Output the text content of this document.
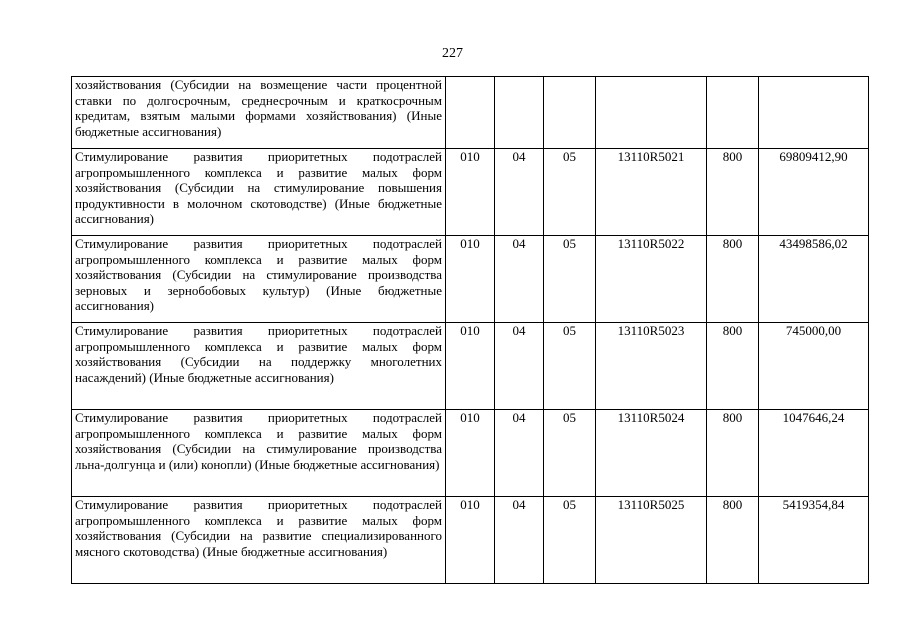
227
хозяйствования (Субсидии на возмещение части процентной ставки по долгосрочным, среднесрочным и краткосрочным кредитам, взятым малыми формами хозяйствования) (Иные бюджетные ассигнования)						
Стимулирование развития приоритетных подотраслей агропромышленного комплекса и развитие малых форм хозяйствования (Субсидии на стимулирование повышения продуктивности в молочном скотоводстве) (Иные бюджетные ассигнования)	010	04	05	13110R5021	800	69809412,90
Стимулирование развития приоритетных подотраслей агропромышленного комплекса и развитие малых форм хозяйствования (Субсидии на стимулирование производства зерновых и зернобобовых культур) (Иные бюджетные ассигнования)	010	04	05	13110R5022	800	43498586,02
Стимулирование развития приоритетных подотраслей агропромышленного комплекса и развитие малых форм хозяйствования (Субсидии на поддержку многолетних насаждений) (Иные бюджетные ассигнования)	010	04	05	13110R5023	800	745000,00
Стимулирование развития приоритетных подотраслей агропромышленного комплекса и развитие малых форм хозяйствования (Субсидии на стимулирование производства льна-долгунца и (или) конопли) (Иные бюджетные ассигнования)	010	04	05	13110R5024	800	1047646,24
Стимулирование развития приоритетных подотраслей агропромышленного комплекса и развитие малых форм хозяйствования (Субсидии на развитие специализированного мясного скотоводства) (Иные бюджетные ассигнования)	010	04	05	13110R5025	800	5419354,84
